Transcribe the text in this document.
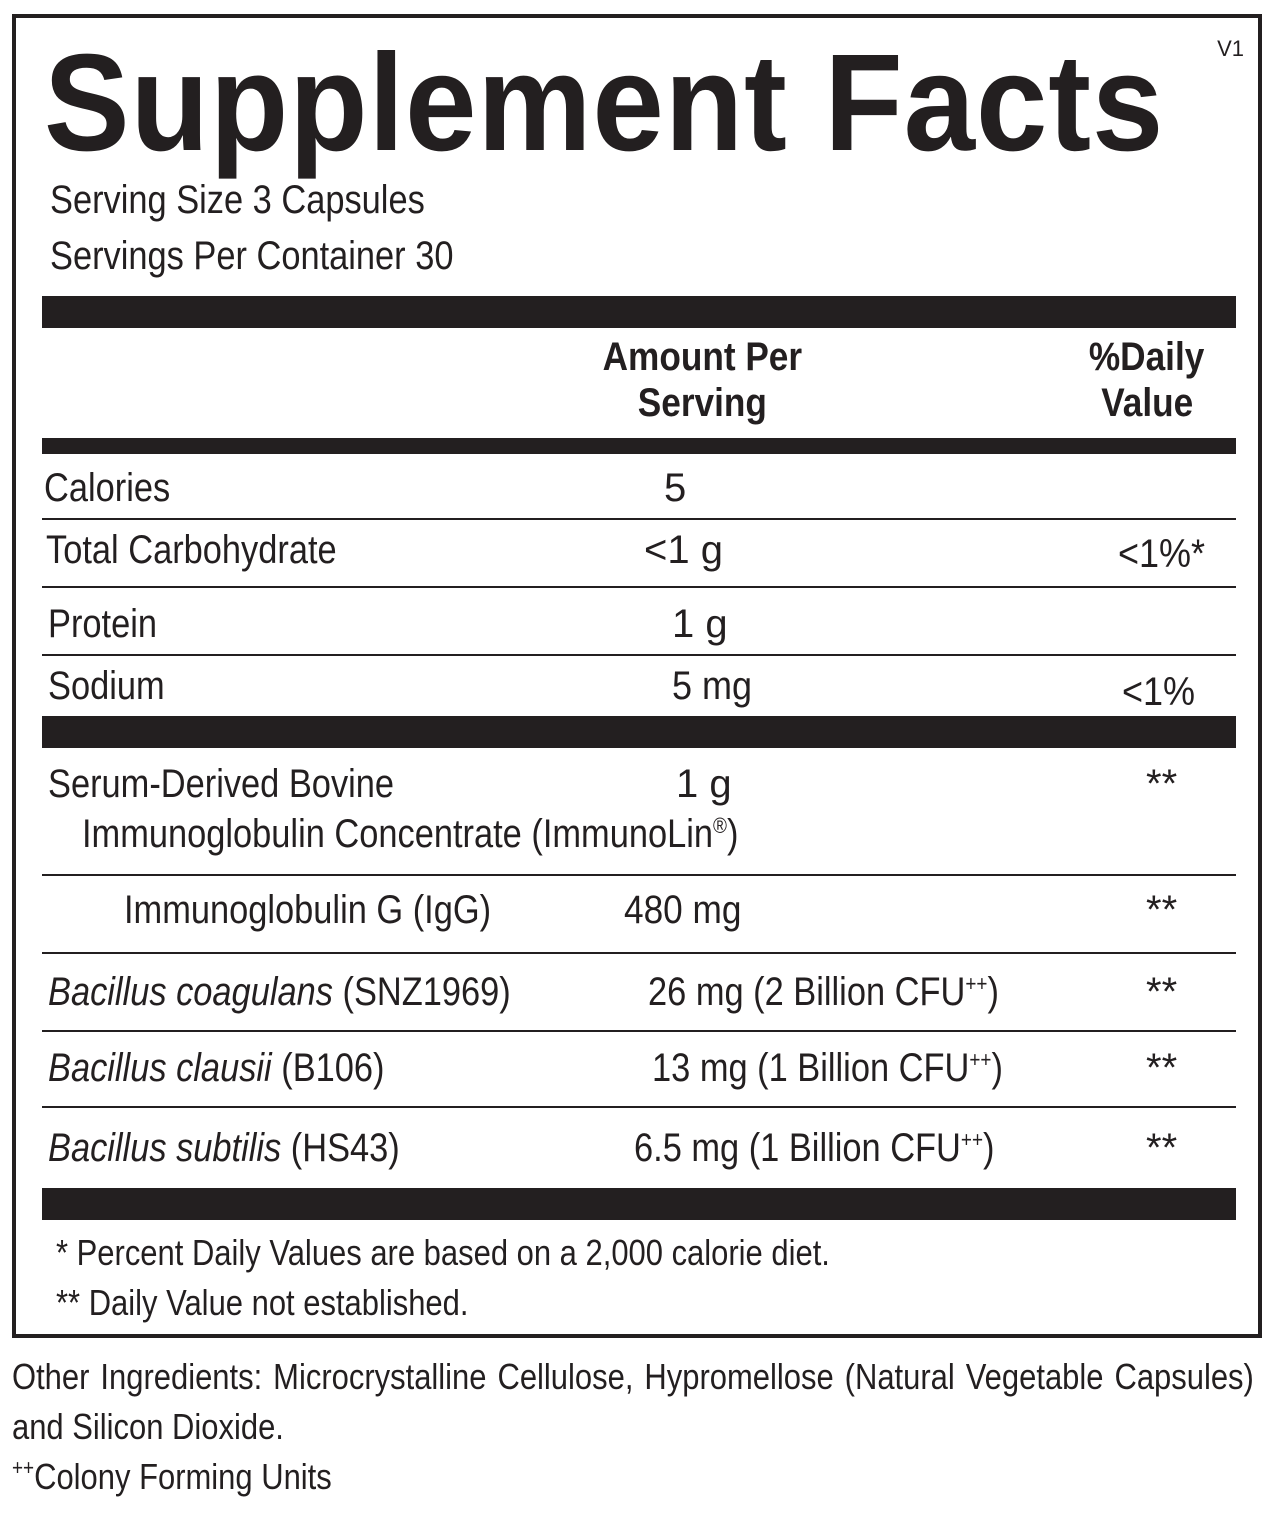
Supplement Facts	V1
Serving Size 3 Capsules
Servings Per Container 30
Amount Per
Serving
%Daily
Value
Calories	5
Total Carbohydrate	<1 g	<1%*
Protein	1 g
Sodium	5 mg	<1%
Serum-Derived Bovine
Immunoglobulin Concentrate (ImmunoLin®)
1 g	**
Immunoglobulin G (IgG)	480 mg	**
Bacillus coagulans (SNZ1969)	26 mg (2 Billion CFU++)	**
Bacillus clausii (B106)	13 mg (1 Billion CFU++)	**
Bacillus subtilis (HS43)	6.5 mg (1 Billion CFU++)	**
* Percent Daily Values are based on a 2,000 calorie diet.
** Daily Value not established.
Other Ingredients: Microcrystalline Cellulose, Hypromellose (Natural Vegetable Capsules) and Silicon Dioxide.
++Colony Forming Units
